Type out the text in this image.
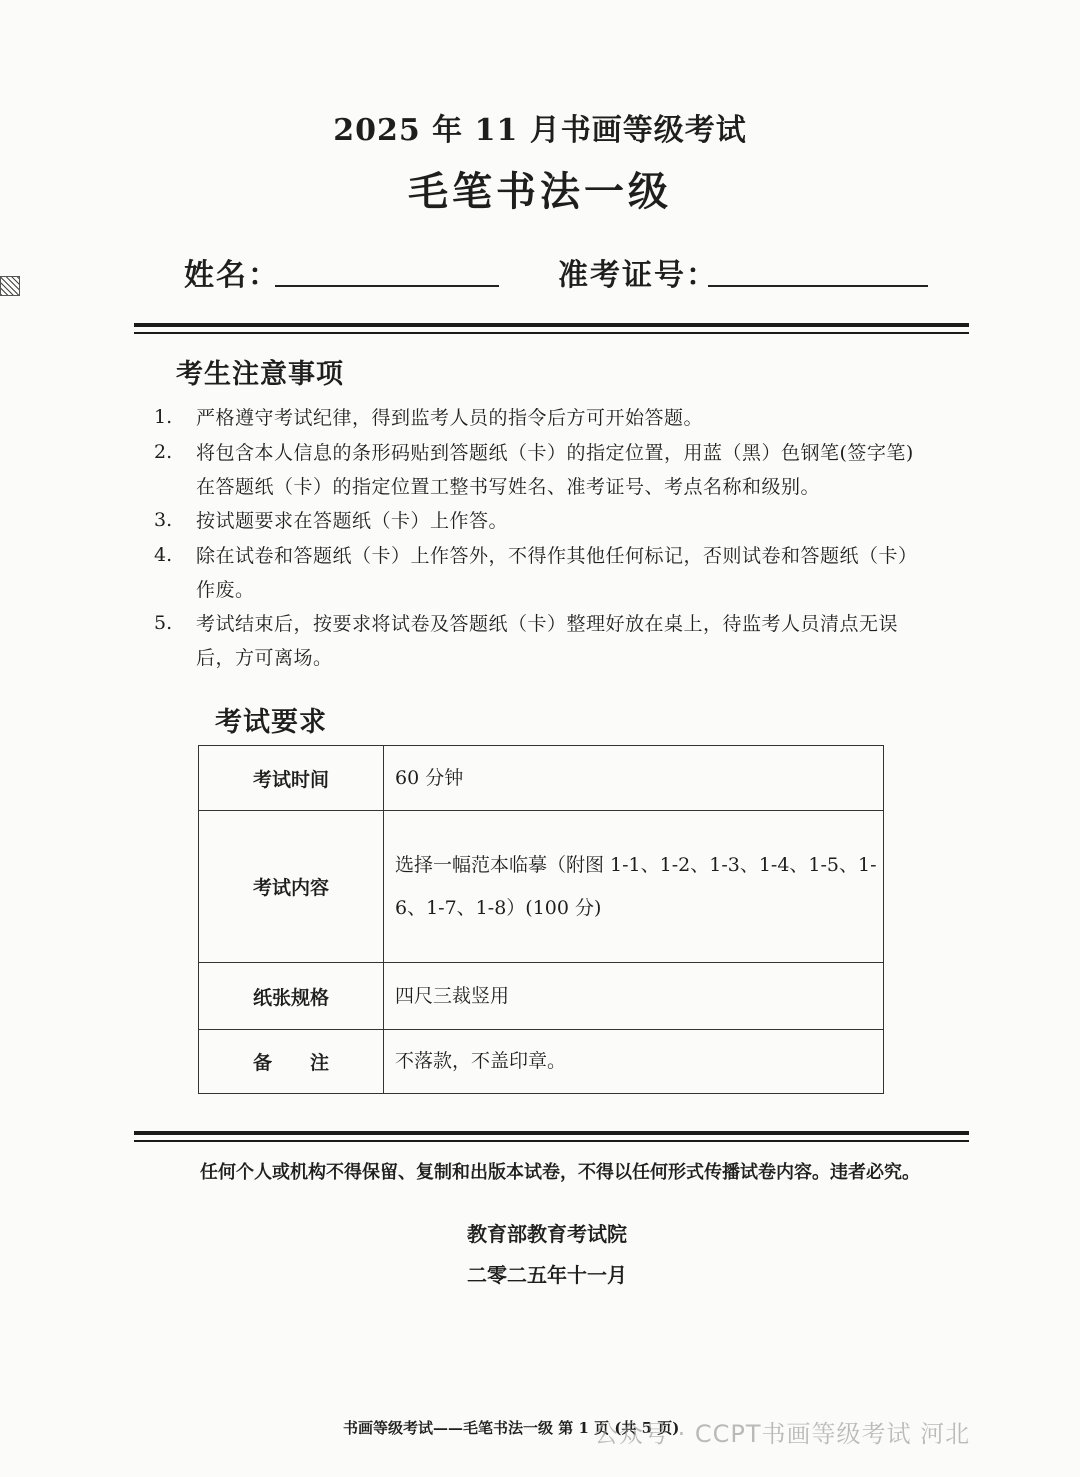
2025 年 11 月书画等级考试
毛笔书法一级
姓名：	准考证号：
考生注意事项
1.	严格遵守考试纪律，得到监考人员的指令后方可开始答题。
2.	将包含本人信息的条形码贴到答题纸（卡）的指定位置，用蓝（黑）色钢笔(签字笔)在答题纸（卡）的指定位置工整书写姓名、准考证号、考点名称和级别。
3.	按试题要求在答题纸（卡）上作答。
4.	除在试卷和答题纸（卡）上作答外，不得作其他任何标记，否则试卷和答题纸（卡）作废。
5.	考试结束后，按要求将试卷及答题纸（卡）整理好放在桌上，待监考人员清点无误后，方可离场。
考试要求
考试时间	60 分钟
考试内容	选择一幅范本临摹（附图 1-1、1-2、1-3、1-4、1-5、1-6、1-7、1-8）(100 分)
纸张规格	四尺三裁竖用
备　　注	不落款，不盖印章。
任何个人或机构不得保留、复制和出版本试卷，不得以任何形式传播试卷内容。违者必究。
教育部教育考试院
二零二五年十一月
书画等级考试——毛笔书法一级 第 1 页 (共 5 页)
公众号 · CCPT书画等级考试 河北
